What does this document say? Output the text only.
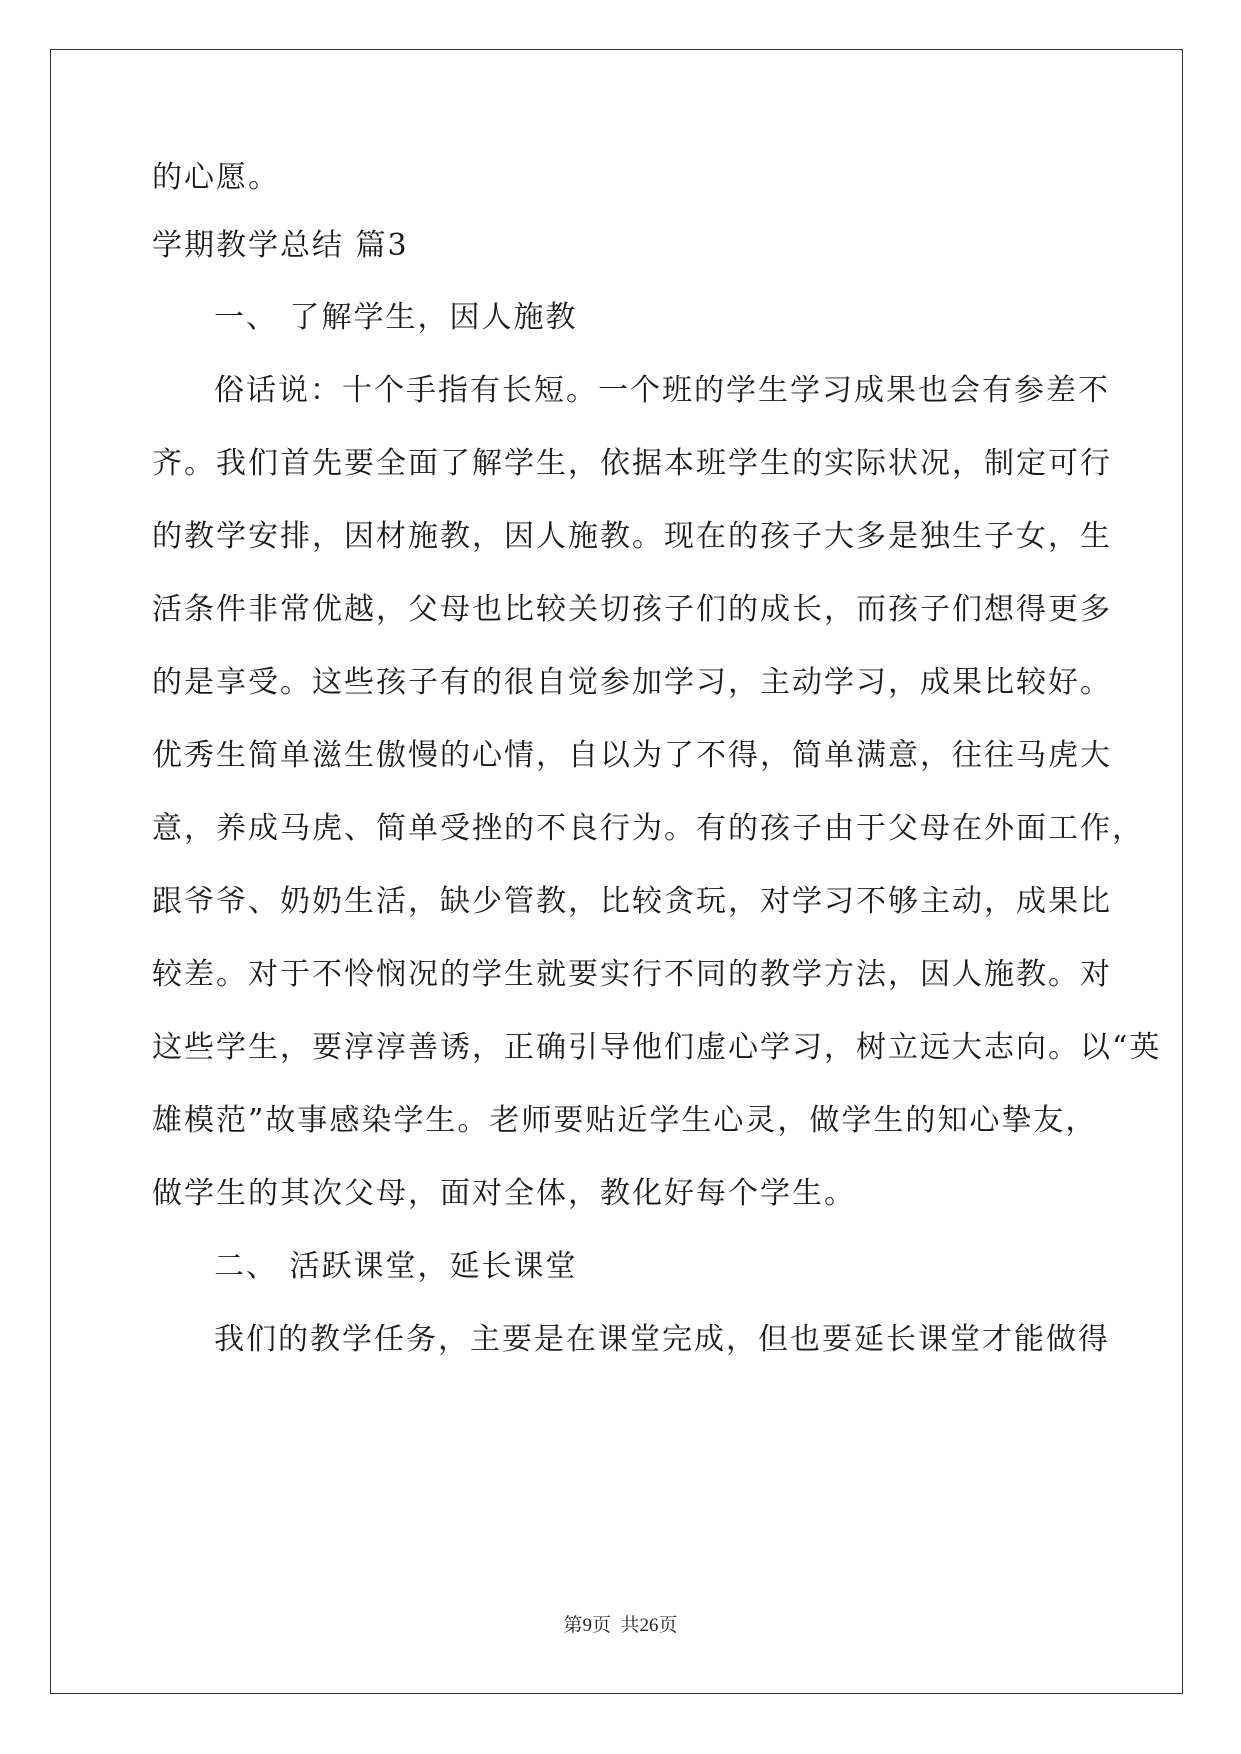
的心愿。
学期教学总结 篇3
一、 了解学生，因人施教
俗话说：十个手指有长短。一个班的学生学习成果也会有参差不
齐。我们首先要全面了解学生，依据本班学生的实际状况，制定可行
的教学安排，因材施教，因人施教。现在的孩子大多是独生子女，生
活条件非常优越，父母也比较关切孩子们的成长，而孩子们想得更多
的是享受。这些孩子有的很自觉参加学习，主动学习，成果比较好。
优秀生简单滋生傲慢的心情，自以为了不得，简单满意，往往马虎大
意，养成马虎、简单受挫的不良行为。有的孩子由于父母在外面工作，
跟爷爷、奶奶生活，缺少管教，比较贪玩，对学习不够主动，成果比
较差。对于不怜悯况的学生就要实行不同的教学方法，因人施教。对
这些学生，要淳淳善诱，正确引导他们虚心学习，树立远大志向。以“英
雄模范”故事感染学生。老师要贴近学生心灵，做学生的知心挚友，
做学生的其次父母，面对全体，教化好每个学生。
二、 活跃课堂，延长课堂
我们的教学任务，主要是在课堂完成，但也要延长课堂才能做得
第9页  共26页
